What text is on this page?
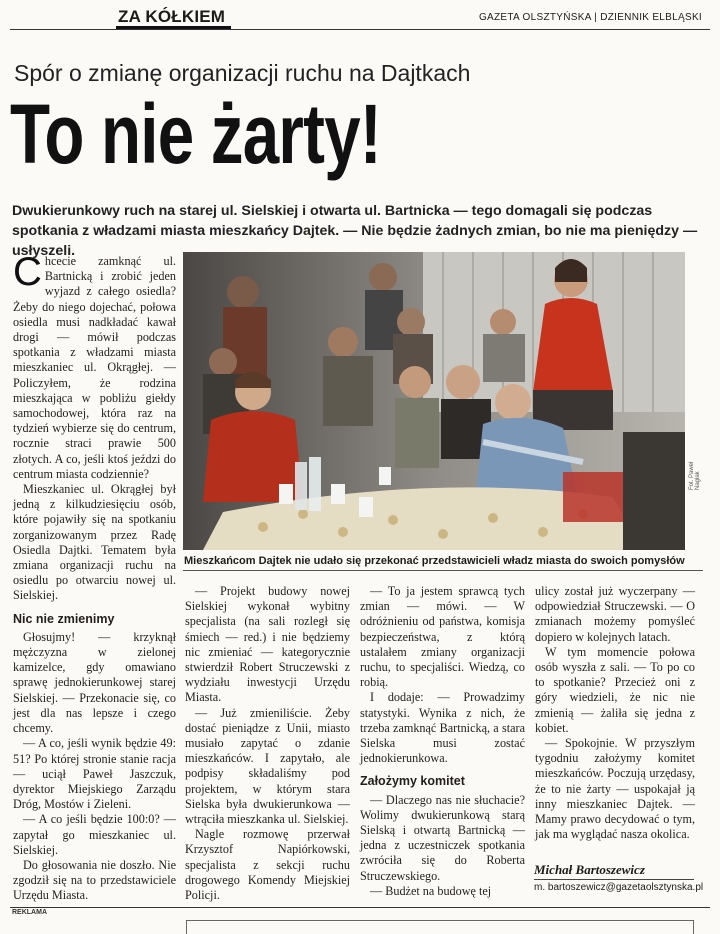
ZA KÓŁKIEM	GAZETA OLSZTYŃSKA | DZIENNIK ELBLĄSKI
Spór o zmianę organizacji ruchu na Dajtkach
To nie żarty!
Dwukierunkowy ruch na starej ul. Sielskiej i otwarta ul. Bartnicka — tego domagali się podczas spotkania z władzami miasta mieszkańcy Dajtek. — Nie będzie żadnych zmian, bo nie ma pieniędzy — usłyszeli.

Chcecie zamknąć ul. Bartnicką i zrobić jeden wyjazd z całego osiedla? Żeby do niego dojechać, połowa osiedla musi nadkładać kawał drogi — mówił podczas spotkania z władzami miasta mieszkaniec ul. Okrągłej. — Policzyłem, że rodzina mieszkająca w pobliżu giełdy samochodowej, która raz na tydzień wybierze się do centrum, rocznie straci prawie 500 złotych. A co, jeśli ktoś jeździ do centrum miasta codziennie?

Mieszkaniec ul. Okrągłej był jedną z kilkudziesięciu osób, które pojawiły się na spotkaniu zorganizowanym przez Radę Osiedla Dajtki. Tematem była zmiana organizacji ruchu na osiedlu po otwarciu nowej ul. Sielskiej.

Nic nie zmienimy

Głosujmy! — krzyknął mężczyzna w zielonej kamizelce, gdy omawiano sprawę jednokierunkowej starej Sielskiej. — Przekonacie się, co jest dla nas lepsze i czego chcemy.

— A co, jeśli wynik będzie 49: 51? Po której stronie stanie racja — uciął Paweł Jaszczuk, dyrektor Miejskiego Zarządu Dróg, Mostów i Zieleni.

— A co jeśli będzie 100:0? — zapytał go mieszkaniec ul. Sielskiej.

Do głosowania nie doszło. Nie zgodził się na to przedstawiciele Urzędu Miasta.

Fot. Paweł Nagłak
Mieszkańcom Dajtek nie udało się przekonać przedstawicieli władz miasta do swoich pomysłów

— Projekt budowy nowej Sielskiej wykonał wybitny specjalista (na sali rozległ się śmiech — red.) i nie będziemy nic zmieniać — kategorycznie stwierdził Robert Struczewski z wydziału inwestycji Urzędu Miasta.

— Już zmieniliście. Żeby dostać pieniądze z Unii, miasto musiało zapytać o zdanie mieszkańców. I zapytało, ale podpisy składaliśmy pod projektem, w którym stara Sielska była dwukierunkowa — wtrąciła mieszkanka ul. Sielskiej.

Nagle rozmowę przerwał Krzysztof Napiórkowski, specjalista z sekcji ruchu drogowego Komendy Miejskiej Policji.

— To ja jestem sprawcą tych zmian — mówi. — W odróżnieniu od państwa, komisja bezpieczeństwa, z którą ustalałem zmiany organizacji ruchu, to specjaliści. Wiedzą, co robią.

I dodaje: — Prowadzimy statystyki. Wynika z nich, że trzeba zamknąć Bartnicką, a stara Sielska musi zostać jednokierunkowa.

Założymy komitet

— Dlaczego nas nie słuchacie? Wolimy dwukierunkową starą Sielską i otwartą Bartnicką — jedna z uczestniczek spotkania zwróciła się do Roberta Struczewskiego.

— Budżet na budowę tej

ulicy został już wyczerpany — odpowiedział Struczewski. — O zmianach możemy pomyśleć dopiero w kolejnych latach.

W tym momencie połowa osób wyszła z sali. — To po co to spotkanie? Przecież oni z góry wiedzieli, że nic nie zmienią — żaliła się jedna z kobiet.

— Spokojnie. W przyszłym tygodniu założymy komitet mieszkańców. Poczują urzędasy, że to nie żarty — uspokajał ją inny mieszkaniec Dajtek. — Mamy prawo decydować o tym, jak ma wyglądać nasza okolica.

Michał Bartoszewicz
m. bartoszewicz@gazetaolsztynska.pl
REKLAMA
